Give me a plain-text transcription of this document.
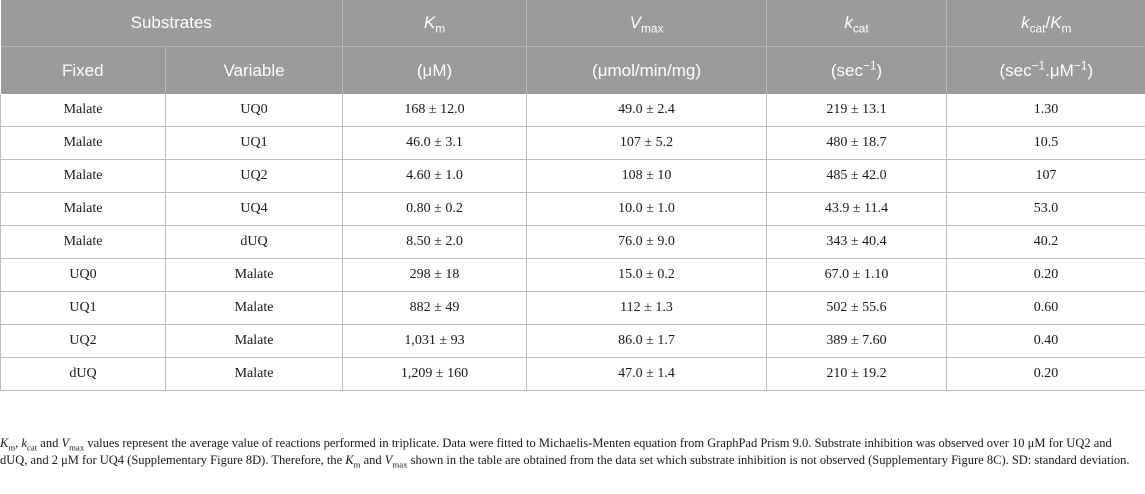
Substrates		$K_m$	$V_{max}$	$k_{cat}$	$k_{cat}/K_m$
Fixed	Variable	(μM)	(μmol/min/mg)	$(\sec^{-1})$	$(\sec^{-1}.\mu M^{-1})$
Malate	UQ0	168 ± 12.0	49.0 ± 2.4	219 ± 13.1	1.30
Malate	UQ1	46.0 ± 3.1	107 ± 5.2	480 ± 18.7	10.5
Malate	UQ2	4.60 ± 1.0	108 ± 10	485 ± 42.0	107
Malate	UQ4	0.80 ± 0.2	10.0 ± 1.0	43.9 ± 11.4	53.0
Malate	dUQ	8.50 ± 2.0	76.0 ± 9.0	343 ± 40.4	40.2
UQ0	Malate	298 ± 18	15.0 ± 0.2	67.0 ± 1.10	0.20
UQ1	Malate	882 ± 49	112 ± 1.3	502 ± 55.6	0.60
UQ2	Malate	1,031 ± 93	86.0 ± 1.7	389 ± 7.60	0.40
dUQ	Malate	1,209 ± 160	47.0 ± 1.4	210 ± 19.2	0.20

$K_m$, $k_{cat}$ and $V_{max}$ values represent the average value of reactions performed in triplicate. Data were fitted to Michaelis-Menten equation from GraphPad Prism 9.0. Substrate inhibition was observed over 10 μM for UQ2 and dUQ, and 2 μM for UQ4 (Supplementary Figure 8D). Therefore, the $K_m$ and $V_{max}$ shown in the table are obtained from the data set which substrate inhibition is not observed (Supplementary Figure 8C). SD: standard deviation.
